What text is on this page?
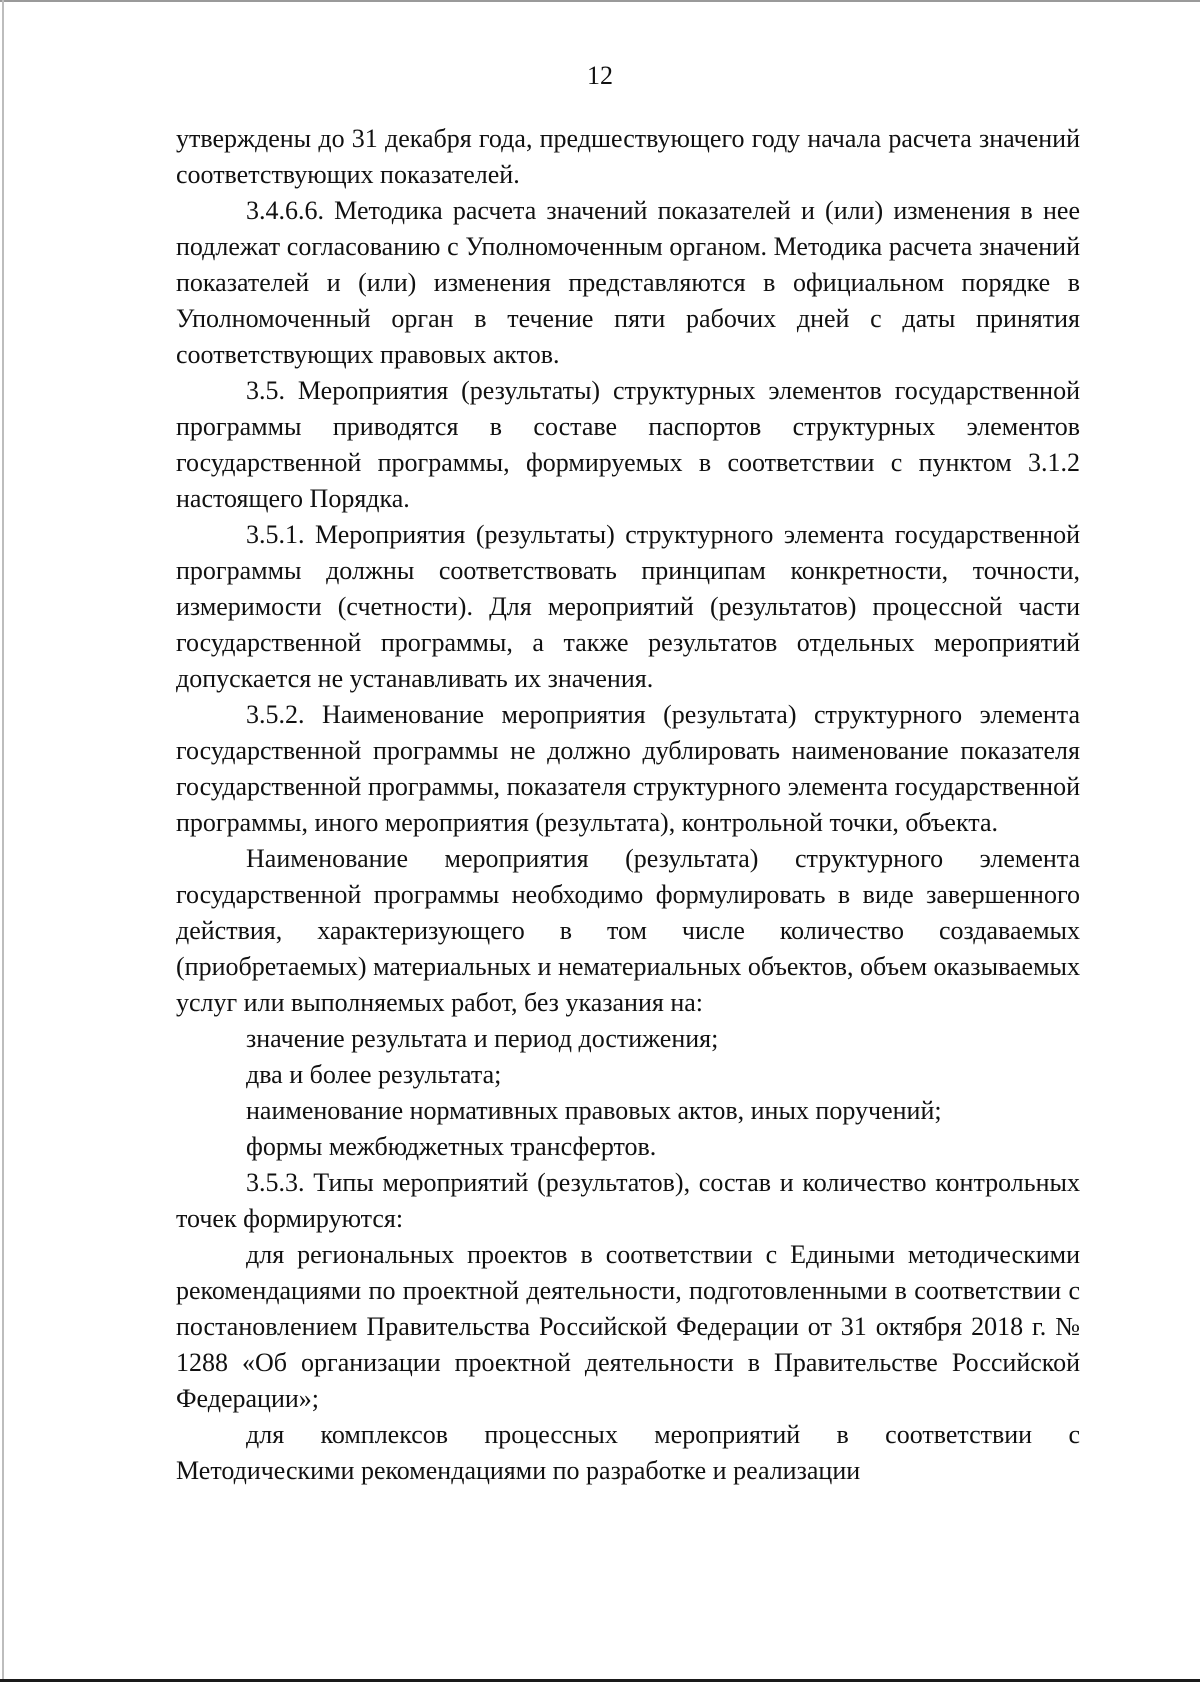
12

утверждены до 31 декабря года, предшествующего году начала расчета значений соответствующих показателей.

3.4.6.6. Методика расчета значений показателей и (или) изменения в нее подлежат согласованию с Уполномоченным органом. Методика расчета значений показателей и (или) изменения представляются в официальном порядке в Уполномоченный орган в течение пяти рабочих дней с даты принятия соответствующих правовых актов.

3.5. Мероприятия (результаты) структурных элементов государственной программы приводятся в составе паспортов структурных элементов государственной программы, формируемых в соответствии с пунктом 3.1.2 настоящего Порядка.

3.5.1. Мероприятия (результаты) структурного элемента государственной программы должны соответствовать принципам конкретности, точности, измеримости (счетности). Для мероприятий (результатов) процессной части государственной программы, а также результатов отдельных мероприятий допускается не устанавливать их значения.

3.5.2. Наименование мероприятия (результата) структурного элемента государственной программы не должно дублировать наименование показателя государственной программы, показателя структурного элемента государственной программы, иного мероприятия (результата), контрольной точки, объекта.

Наименование мероприятия (результата) структурного элемента государственной программы необходимо формулировать в виде завершенного действия, характеризующего в том числе количество создаваемых (приобретаемых) материальных и нематериальных объектов, объем оказываемых услуг или выполняемых работ, без указания на:

значение результата и период достижения;

два и более результата;

наименование нормативных правовых актов, иных поручений;

формы межбюджетных трансфертов.

3.5.3. Типы мероприятий (результатов), состав и количество контрольных точек формируются:

для региональных проектов в соответствии с Едиными методическими рекомендациями по проектной деятельности, подготовленными в соответствии с постановлением Правительства Российской Федерации от 31 октября 2018 г. № 1288 «Об организации проектной деятельности в Правительстве Российской Федерации»;

для комплексов процессных мероприятий в соответствии с Методическими рекомендациями по разработке и реализации
